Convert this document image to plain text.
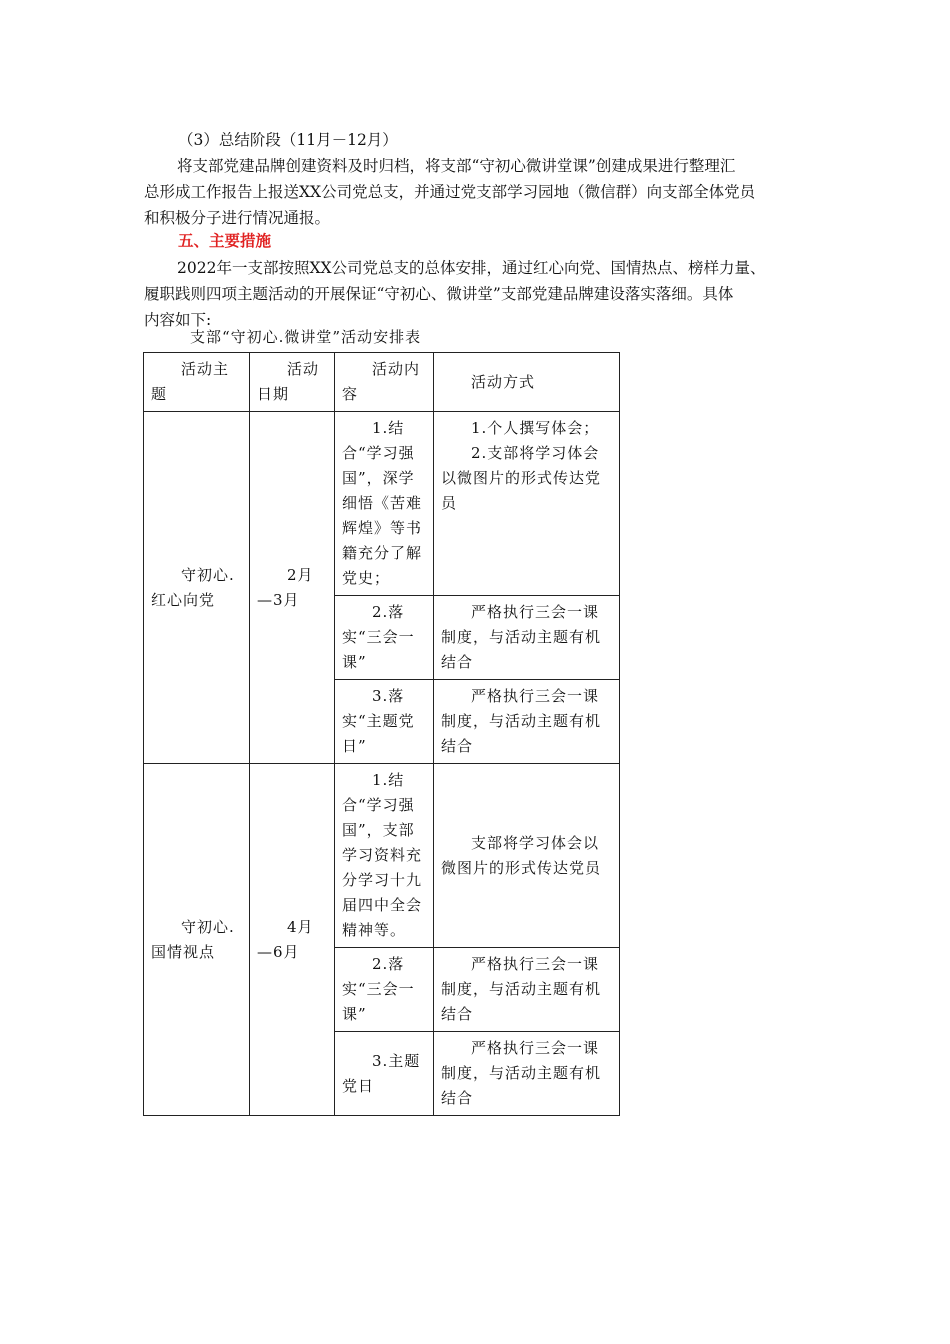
（3）总结阶段（11月－12月）
将支部党建品牌创建资料及时归档，将支部“守初心微讲堂课”创建成果进行整理汇
总形成工作报告上报送XX公司党总支，并通过党支部学习园地（微信群）向支部全体党员
和积极分子进行情况通报。
五、主要措施
2022年一支部按照XX公司党总支的总体安排，通过红心向党、国情热点、榜样力量、
履职践则四项主题活动的开展保证“守初心、微讲堂”支部党建品牌建设落实落细。具体
内容如下:
支部“守初心.微讲堂”活动安排表
活动主题	活动日期	活动内容	活动方式

守初心.红心向党	2月—3月	1.结合“学习强国”，深学细悟《苦难辉煌》等书籍充分了解党史；	1.个人撰写体会；
2.支部将学习体会以微图片的形式传达党员

		2.落实“三会一课”	严格执行三会一课制度，与活动主题有机结合

		3.落实“主题党日”	严格执行三会一课制度，与活动主题有机结合

守初心.国情视点	4月—6月	1.结合“学习强国”，支部学习资料充分学习十九届四中全会精神等。	支部将学习体会以微图片的形式传达党员

		2.落实“三会一课”	严格执行三会一课制度，与活动主题有机结合

		3.主题党日	严格执行三会一课制度，与活动主题有机结合
